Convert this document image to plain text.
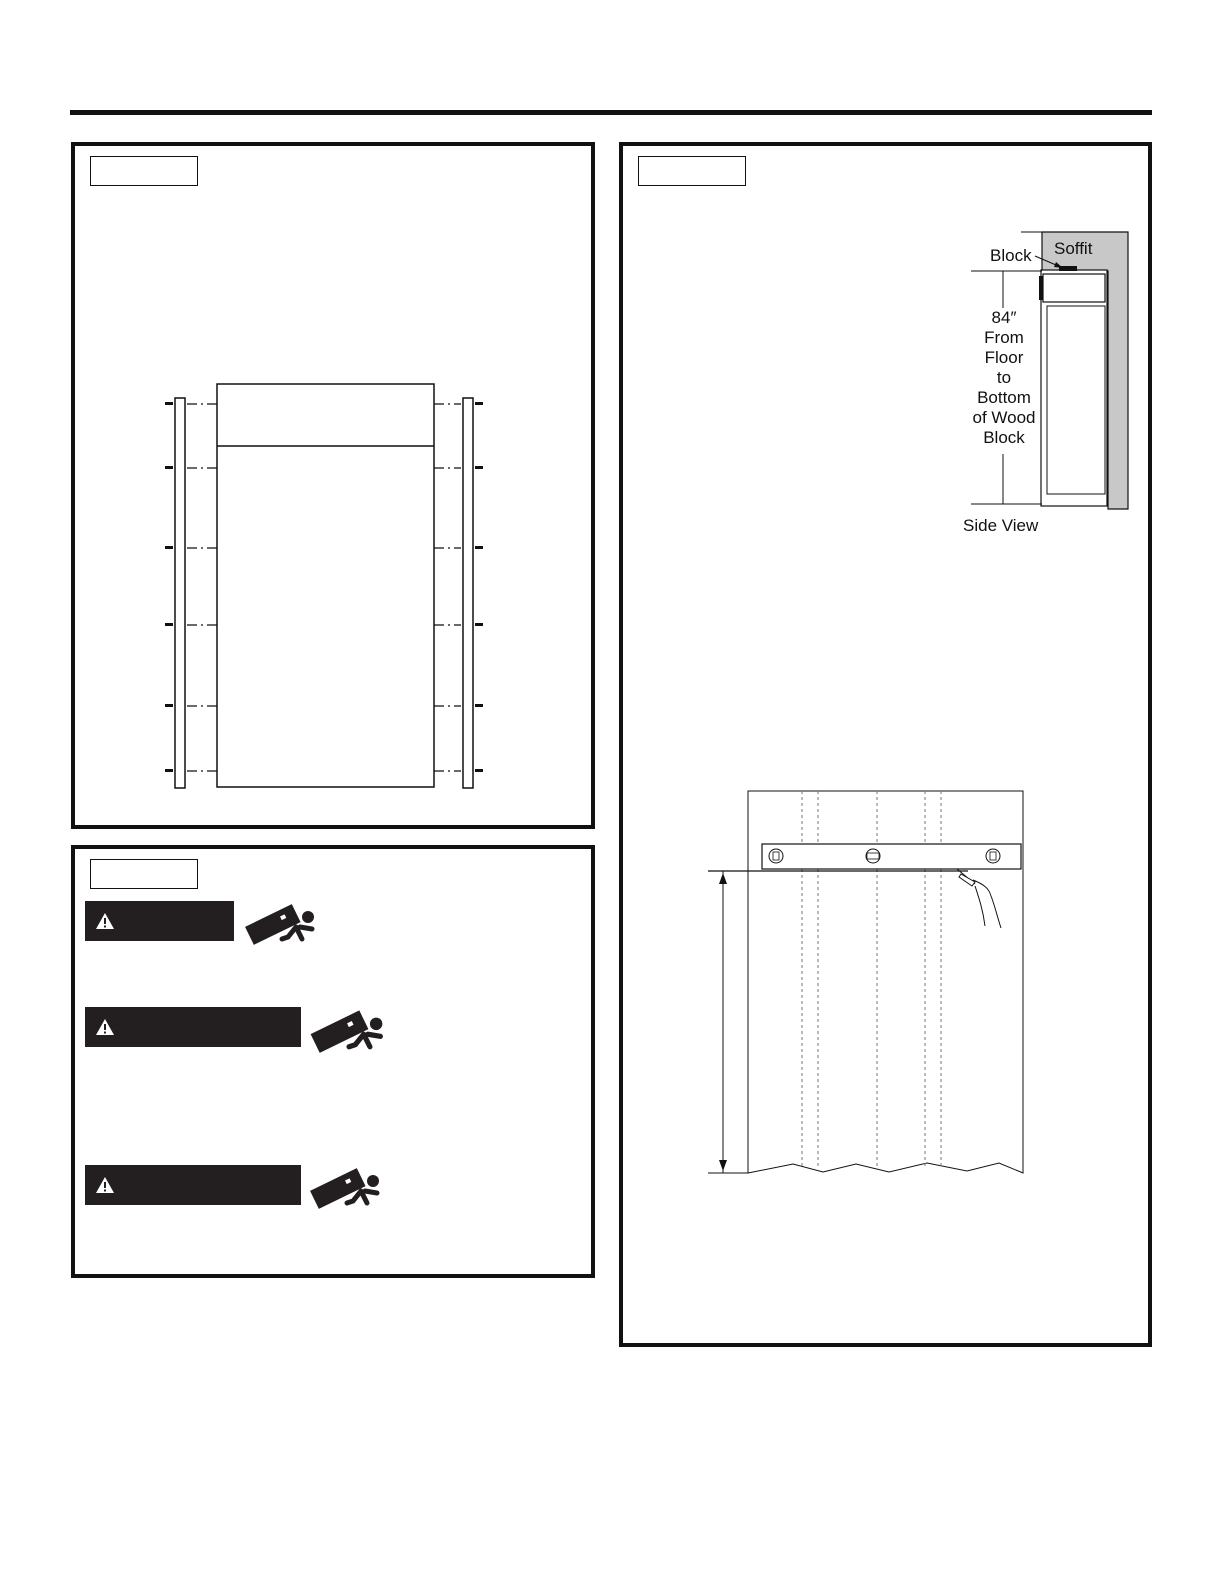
Block Soffit
84″
From
Floor
to
Bottom
of Wood
Block
Side View
